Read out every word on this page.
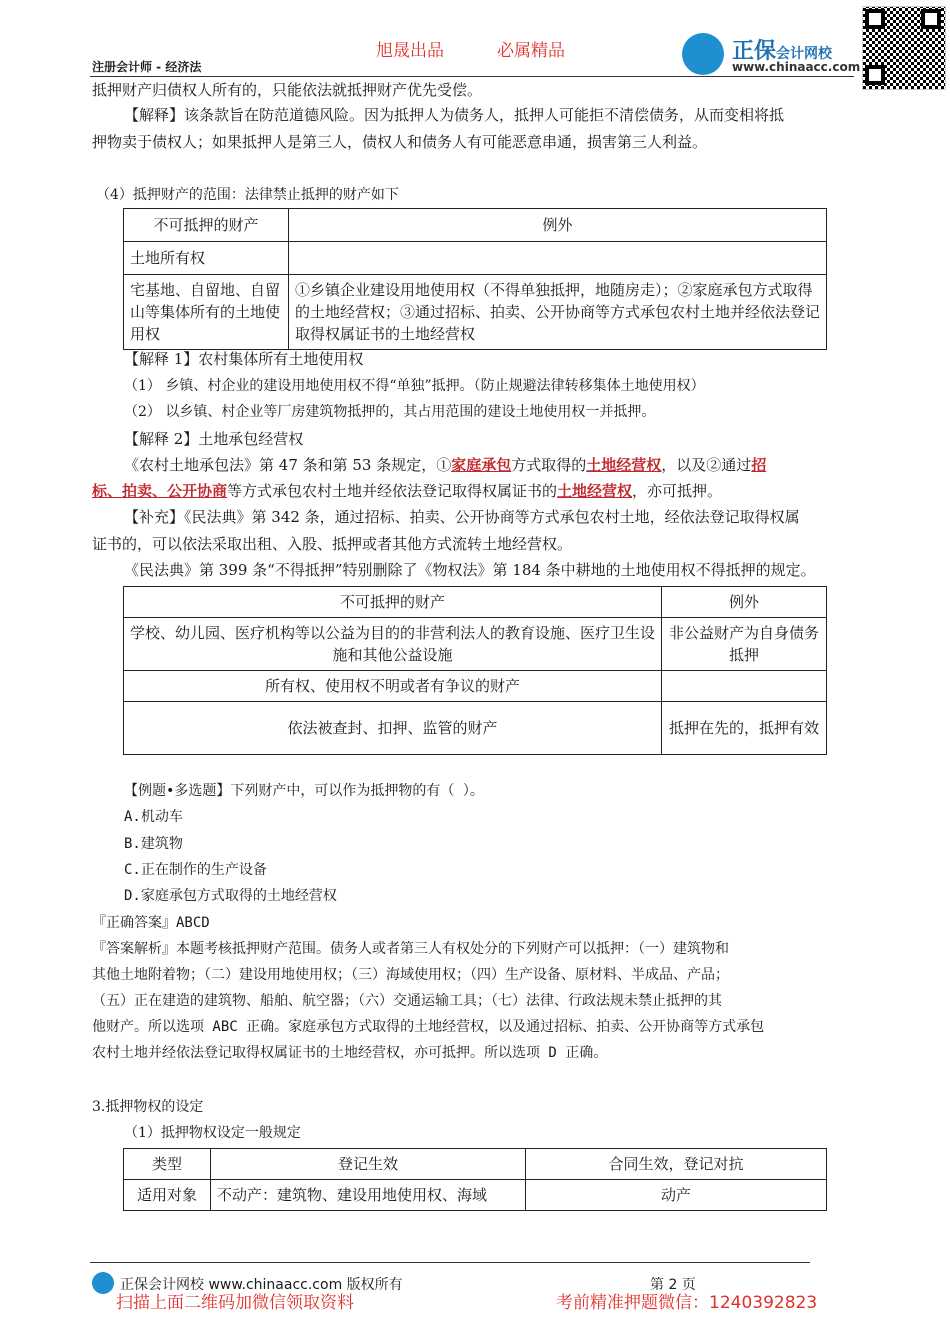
旭晟出品	必属精品
注册会计师 - 经济法
正保会计网校
www.chinaacc.com
抵押财产归债权人所有的，只能依法就抵押财产优先受偿。
【解释】该条款旨在防范道德风险。因为抵押人为债务人，抵押人可能拒不清偿债务，从而变相将抵
押物卖于债权人；如果抵押人是第三人，债权人和债务人有可能恶意串通，损害第三人利益。
（4）抵押财产的范围：法律禁止抵押的财产如下
不可抵押的财产	例外
土地所有权	
宅基地、自留地、自留山等集体所有的土地使用权	①乡镇企业建设用地使用权（不得单独抵押，地随房走）；②家庭承包方式取得的土地经营权；③通过招标、拍卖、公开协商等方式承包农村土地并经依法登记取得权属证书的土地经营权
【解释 1】农村集体所有土地使用权
（1） 乡镇、村企业的建设用地使用权不得“单独”抵押。（防止规避法律转移集体土地使用权）
（2） 以乡镇、村企业等厂房建筑物抵押的，其占用范围的建设土地使用权一并抵押。
【解释 2】土地承包经营权
《农村土地承包法》第 47 条和第 53 条规定，①家庭承包方式取得的土地经营权，以及②通过招
标、拍卖、公开协商等方式承包农村土地并经依法登记取得权属证书的土地经营权，亦可抵押。
【补充】《民法典》第 342 条，通过招标、拍卖、公开协商等方式承包农村土地，经依法登记取得权属
证书的，可以依法采取出租、入股、抵押或者其他方式流转土地经营权。
《民法典》第 399 条“不得抵押”特别删除了《物权法》第 184 条中耕地的土地使用权不得抵押的规定。
不可抵押的财产	例外
学校、幼儿园、医疗机构等以公益为目的的非营利法人的教育设施、医疗卫生设施和其他公益设施	非公益财产为自身债务抵押
所有权、使用权不明或者有争议的财产	
依法被查封、扣押、监管的财产	抵押在先的，抵押有效
【例题•多选题】下列财产中，可以作为抵押物的有（ ）。
A.机动车
B.建筑物
C.正在制作的生产设备
D.家庭承包方式取得的土地经营权
『正确答案』ABCD
『答案解析』本题考核抵押财产范围。债务人或者第三人有权处分的下列财产可以抵押：（一）建筑物和
其他土地附着物；（二）建设用地使用权；（三）海域使用权；（四）生产设备、原材料、半成品、产品；
（五）正在建造的建筑物、船舶、航空器；（六）交通运输工具；（七）法律、行政法规未禁止抵押的其
他财产。所以选项 ABC 正确。家庭承包方式取得的土地经营权，以及通过招标、拍卖、公开协商等方式承包
农村土地并经依法登记取得权属证书的土地经营权，亦可抵押。所以选项 D 正确。
3.抵押物权的设定
（1）抵押物权设定一般规定
类型	登记生效	合同生效，登记对抗
适用对象	不动产：建筑物、建设用地使用权、海域	动产
正保会计网校 www.chinaacc.com 版权所有	第 2 页
扫描上面二维码加微信领取资料	考前精准押题微信：1240392823
